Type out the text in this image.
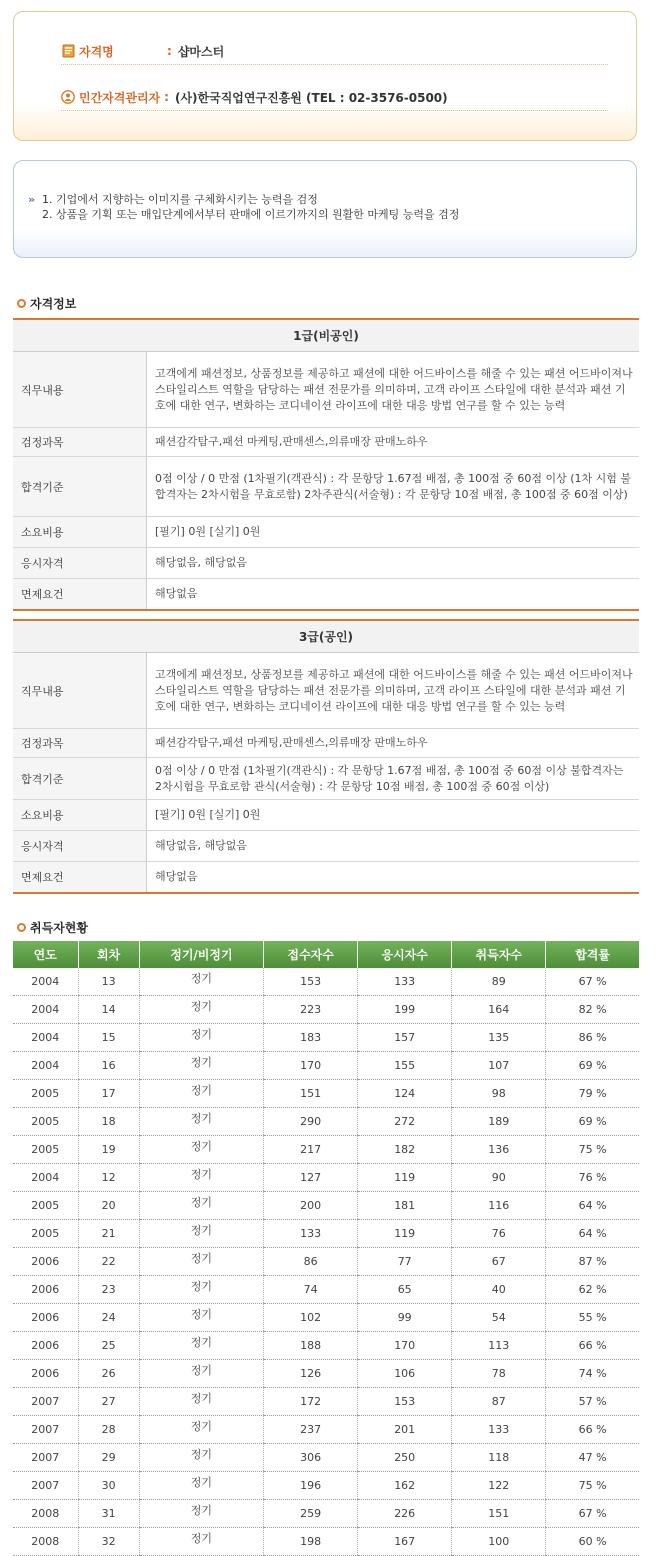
자격명	: 샵마스터
민간자격관리자 : (사)한국직업연구진흥원 (TEL : 02-3576-0500)
» 1. 기업에서 지향하는 이미지를 구체화시키는 능력을 검정
2. 상품을 기획 또는 매입단계에서부터 판매에 이르기까지의 원활한 마케팅 능력을 검정
자격정보
1급(비공인)	
직무내용	고객에게 패션정보, 상품정보를 제공하고 패션에 대한 어드바이스를 해줄 수 있는 패션 어드바이져나 스타일리스트 역할을 담당하는 패션 전문가를 의미하며, 고객 라이프 스타일에 대한 분석과 패션 기호에 대한 연구, 변화하는 코디네이션 라이프에 대한 대응 방법 연구를 할 수 있는 능력
검정과목	패션감각탐구,패션 마케팅,판매센스,의류매장 판매노하우
합격기준	0점 이상 / 0 만점 (1차필기(객관식) : 각 문항당 1.67점 배점, 총 100점 중 60점 이상 (1차 시험 불합격자는 2차시험을 무효로함) 2차주관식(서술형) : 각 문항당 10점 배점, 총 100점 중 60점 이상)
소요비용	[필기] 0원 [실기] 0원
응시자격	해당없음, 해당없음
면제요건	해당없음
3급(공인)	
직무내용	고객에게 패션정보, 상품정보를 제공하고 패션에 대한 어드바이스를 해줄 수 있는 패션 어드바이져나 스타일리스트 역할을 담당하는 패션 전문가를 의미하며, 고객 라이프 스타일에 대한 분석과 패션 기호에 대한 연구, 변화하는 코디네이션 라이프에 대한 대응 방법 연구를 할 수 있는 능력
검정과목	패션감각탐구,패션 마케팅,판매센스,의류매장 판매노하우
합격기준	0점 이상 / 0 만점 (1차필기(객관식) : 각 문항당 1.67점 배점, 총 100점 중 60점 이상 불합격자는 2차시험을 무효로함 관식(서술형) : 각 문항당 10점 배점, 총 100점 중 60점 이상)
소요비용	[필기] 0원 [실기] 0원
응시자격	해당없음, 해당없음
면제요건	해당없음
취득자현황
연도	회차	정기/비정기	접수자수	응시자수	취득자수	합격률
2004	13	정기	153	133	89	67 %
2004	14	정기	223	199	164	82 %
2004	15	정기	183	157	135	86 %
2004	16	정기	170	155	107	69 %
2005	17	정기	151	124	98	79 %
2005	18	정기	290	272	189	69 %
2005	19	정기	217	182	136	75 %
2004	12	정기	127	119	90	76 %
2005	20	정기	200	181	116	64 %
2005	21	정기	133	119	76	64 %
2006	22	정기	86	77	67	87 %
2006	23	정기	74	65	40	62 %
2006	24	정기	102	99	54	55 %
2006	25	정기	188	170	113	66 %
2006	26	정기	126	106	78	74 %
2007	27	정기	172	153	87	57 %
2007	28	정기	237	201	133	66 %
2007	29	정기	306	250	118	47 %
2007	30	정기	196	162	122	75 %
2008	31	정기	259	226	151	67 %
2008	32	정기	198	167	100	60 %
